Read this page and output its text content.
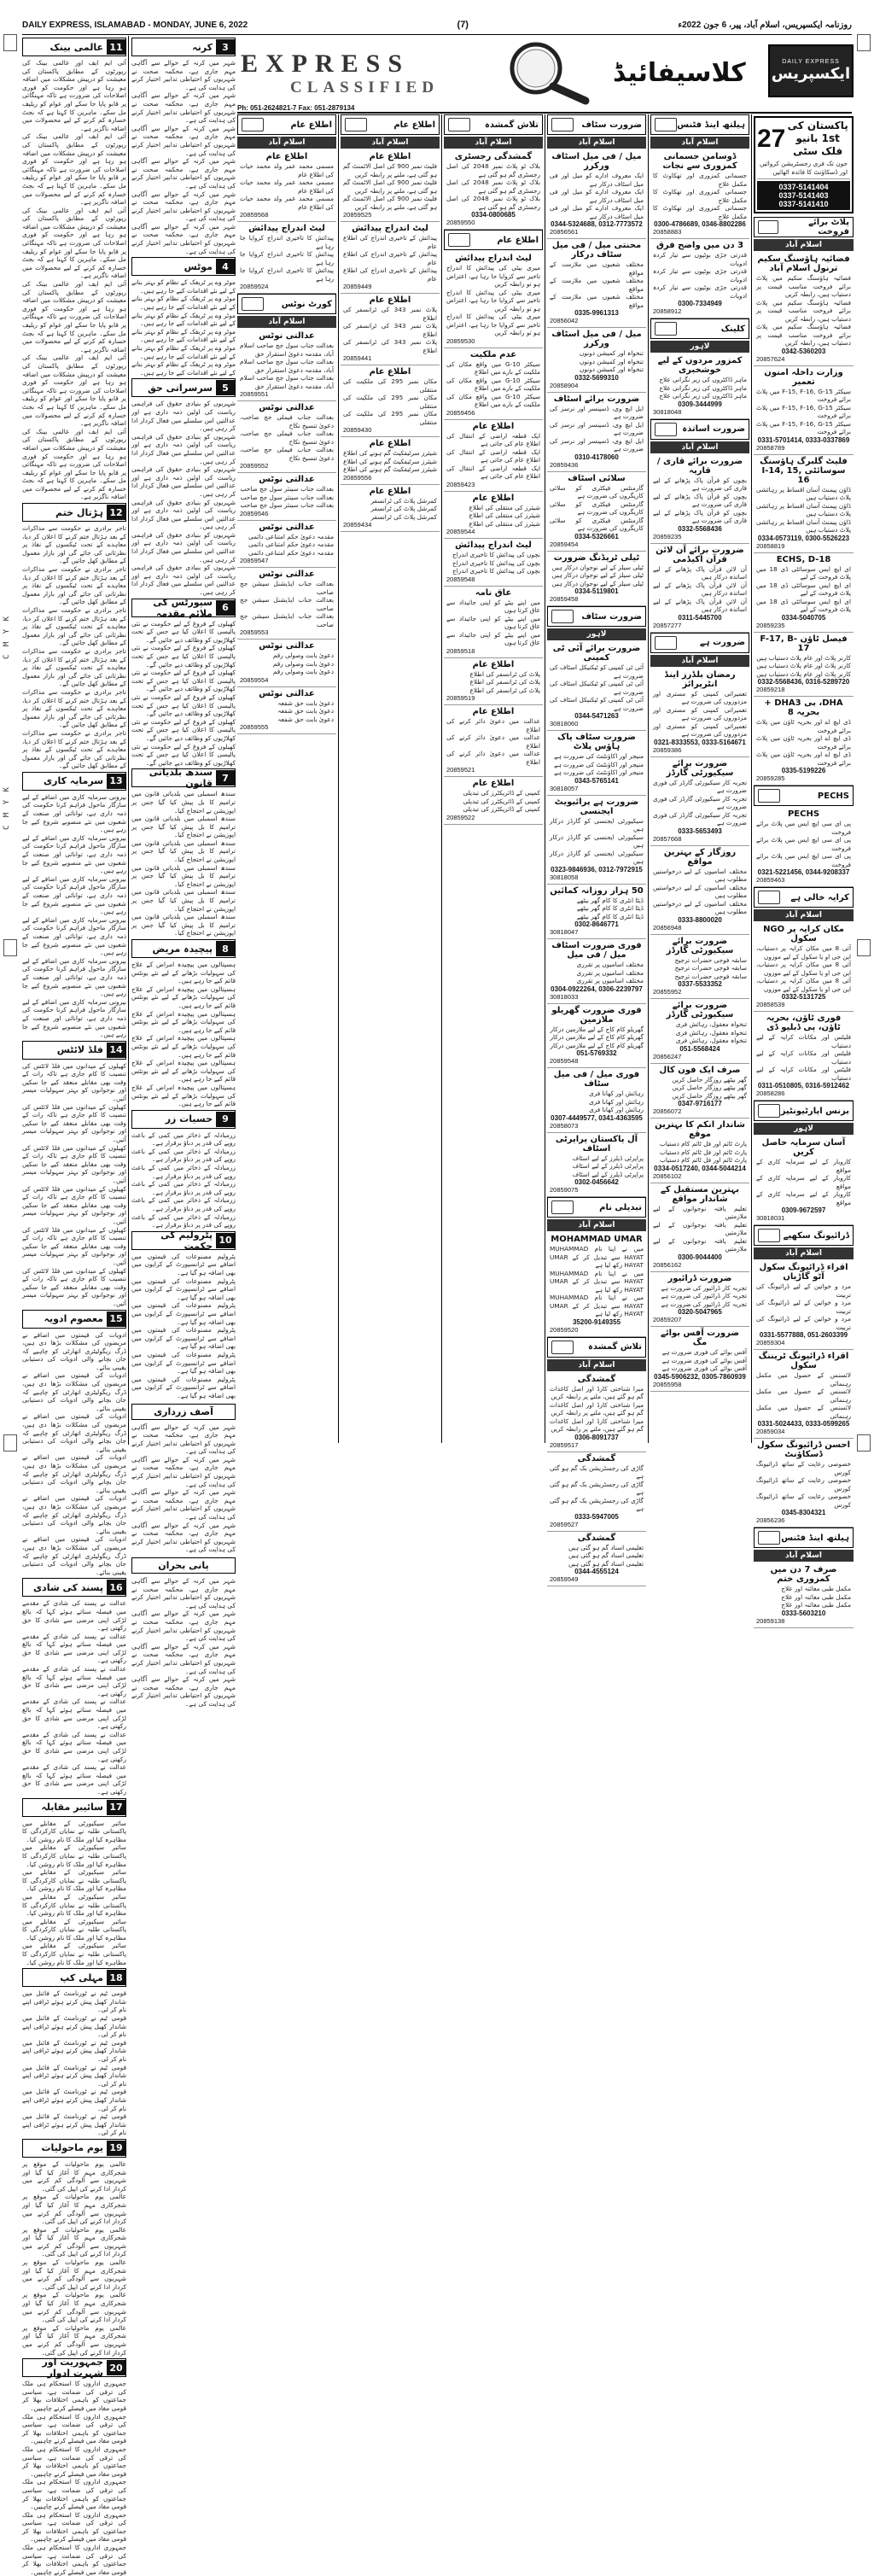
DAILY EXPRESS, ISLAMABAD - MONDAY, JUNE 6, 2022	(7)	روزنامہ ایکسپریس، اسلام آباد، پیر، 6 جون 2022ء
C M Y K
C M Y K
عالمی بینک 11
آئی ایم ایف اور عالمی بینک کی رپورٹوں کے مطابق پاکستان کی معیشت کو درپیش مشکلات میں اضافہ ہو رہا ہے اور حکومت کو فوری اصلاحات کی ضرورت ہے تاکہ مہنگائی پر قابو پایا جا سکے اور عوام کو ریلیف مل سکے۔ ماہرین کا کہنا ہے کہ بجٹ خسارہ کم کرنے کے لیے محصولات میں اضافہ ناگزیر ہے۔
آئی ایم ایف اور عالمی بینک کی رپورٹوں کے مطابق پاکستان کی معیشت کو درپیش مشکلات میں اضافہ ہو رہا ہے اور حکومت کو فوری اصلاحات کی ضرورت ہے تاکہ مہنگائی پر قابو پایا جا سکے اور عوام کو ریلیف مل سکے۔ ماہرین کا کہنا ہے کہ بجٹ خسارہ کم کرنے کے لیے محصولات میں اضافہ ناگزیر ہے۔
آئی ایم ایف اور عالمی بینک کی رپورٹوں کے مطابق پاکستان کی معیشت کو درپیش مشکلات میں اضافہ ہو رہا ہے اور حکومت کو فوری اصلاحات کی ضرورت ہے تاکہ مہنگائی پر قابو پایا جا سکے اور عوام کو ریلیف مل سکے۔ ماہرین کا کہنا ہے کہ بجٹ خسارہ کم کرنے کے لیے محصولات میں اضافہ ناگزیر ہے۔
آئی ایم ایف اور عالمی بینک کی رپورٹوں کے مطابق پاکستان کی معیشت کو درپیش مشکلات میں اضافہ ہو رہا ہے اور حکومت کو فوری اصلاحات کی ضرورت ہے تاکہ مہنگائی پر قابو پایا جا سکے اور عوام کو ریلیف مل سکے۔ ماہرین کا کہنا ہے کہ بجٹ خسارہ کم کرنے کے لیے محصولات میں اضافہ ناگزیر ہے۔
آئی ایم ایف اور عالمی بینک کی رپورٹوں کے مطابق پاکستان کی معیشت کو درپیش مشکلات میں اضافہ ہو رہا ہے اور حکومت کو فوری اصلاحات کی ضرورت ہے تاکہ مہنگائی پر قابو پایا جا سکے اور عوام کو ریلیف مل سکے۔ ماہرین کا کہنا ہے کہ بجٹ خسارہ کم کرنے کے لیے محصولات میں اضافہ ناگزیر ہے۔
آئی ایم ایف اور عالمی بینک کی رپورٹوں کے مطابق پاکستان کی معیشت کو درپیش مشکلات میں اضافہ ہو رہا ہے اور حکومت کو فوری اصلاحات کی ضرورت ہے تاکہ مہنگائی پر قابو پایا جا سکے اور عوام کو ریلیف مل سکے۔ ماہرین کا کہنا ہے کہ بجٹ خسارہ کم کرنے کے لیے محصولات میں اضافہ ناگزیر ہے۔
ہڑتال ختم 12
تاجر برادری نے حکومت سے مذاکرات کے بعد ہڑتال ختم کرنے کا اعلان کر دیا، معاہدے کے تحت ٹیکسوں کے نفاذ پر نظرثانی کی جائے گی اور بازار معمول کے مطابق کھل جائیں گے۔
تاجر برادری نے حکومت سے مذاکرات کے بعد ہڑتال ختم کرنے کا اعلان کر دیا، معاہدے کے تحت ٹیکسوں کے نفاذ پر نظرثانی کی جائے گی اور بازار معمول کے مطابق کھل جائیں گے۔
تاجر برادری نے حکومت سے مذاکرات کے بعد ہڑتال ختم کرنے کا اعلان کر دیا، معاہدے کے تحت ٹیکسوں کے نفاذ پر نظرثانی کی جائے گی اور بازار معمول کے مطابق کھل جائیں گے۔
تاجر برادری نے حکومت سے مذاکرات کے بعد ہڑتال ختم کرنے کا اعلان کر دیا، معاہدے کے تحت ٹیکسوں کے نفاذ پر نظرثانی کی جائے گی اور بازار معمول کے مطابق کھل جائیں گے۔
تاجر برادری نے حکومت سے مذاکرات کے بعد ہڑتال ختم کرنے کا اعلان کر دیا، معاہدے کے تحت ٹیکسوں کے نفاذ پر نظرثانی کی جائے گی اور بازار معمول کے مطابق کھل جائیں گے۔
تاجر برادری نے حکومت سے مذاکرات کے بعد ہڑتال ختم کرنے کا اعلان کر دیا، معاہدے کے تحت ٹیکسوں کے نفاذ پر نظرثانی کی جائے گی اور بازار معمول کے مطابق کھل جائیں گے۔
سرمایہ کاری 13
بیرونی سرمایہ کاری میں اضافے کے لیے سازگار ماحول فراہم کرنا حکومت کی ذمہ داری ہے، توانائی اور صنعت کے شعبوں میں نئے منصوبے شروع کیے جا رہے ہیں۔
بیرونی سرمایہ کاری میں اضافے کے لیے سازگار ماحول فراہم کرنا حکومت کی ذمہ داری ہے، توانائی اور صنعت کے شعبوں میں نئے منصوبے شروع کیے جا رہے ہیں۔
بیرونی سرمایہ کاری میں اضافے کے لیے سازگار ماحول فراہم کرنا حکومت کی ذمہ داری ہے، توانائی اور صنعت کے شعبوں میں نئے منصوبے شروع کیے جا رہے ہیں۔
بیرونی سرمایہ کاری میں اضافے کے لیے سازگار ماحول فراہم کرنا حکومت کی ذمہ داری ہے، توانائی اور صنعت کے شعبوں میں نئے منصوبے شروع کیے جا رہے ہیں۔
بیرونی سرمایہ کاری میں اضافے کے لیے سازگار ماحول فراہم کرنا حکومت کی ذمہ داری ہے، توانائی اور صنعت کے شعبوں میں نئے منصوبے شروع کیے جا رہے ہیں۔
بیرونی سرمایہ کاری میں اضافے کے لیے سازگار ماحول فراہم کرنا حکومت کی ذمہ داری ہے، توانائی اور صنعت کے شعبوں میں نئے منصوبے شروع کیے جا رہے ہیں۔
فلڈ لائٹس 14
کھیلوں کے میدانوں میں فلڈ لائٹس کی تنصیب کا کام جاری ہے تاکہ رات کے وقت بھی مقابلے منعقد کیے جا سکیں اور نوجوانوں کو بہتر سہولیات میسر آئیں۔
کھیلوں کے میدانوں میں فلڈ لائٹس کی تنصیب کا کام جاری ہے تاکہ رات کے وقت بھی مقابلے منعقد کیے جا سکیں اور نوجوانوں کو بہتر سہولیات میسر آئیں۔
کھیلوں کے میدانوں میں فلڈ لائٹس کی تنصیب کا کام جاری ہے تاکہ رات کے وقت بھی مقابلے منعقد کیے جا سکیں اور نوجوانوں کو بہتر سہولیات میسر آئیں۔
کھیلوں کے میدانوں میں فلڈ لائٹس کی تنصیب کا کام جاری ہے تاکہ رات کے وقت بھی مقابلے منعقد کیے جا سکیں اور نوجوانوں کو بہتر سہولیات میسر آئیں۔
کھیلوں کے میدانوں میں فلڈ لائٹس کی تنصیب کا کام جاری ہے تاکہ رات کے وقت بھی مقابلے منعقد کیے جا سکیں اور نوجوانوں کو بہتر سہولیات میسر آئیں۔
کھیلوں کے میدانوں میں فلڈ لائٹس کی تنصیب کا کام جاری ہے تاکہ رات کے وقت بھی مقابلے منعقد کیے جا سکیں اور نوجوانوں کو بہتر سہولیات میسر آئیں۔
معصوم ادویہ 15
ادویات کی قیمتوں میں اضافے نے مریضوں کی مشکلات بڑھا دی ہیں، ڈرگ ریگولیٹری اتھارٹی کو چاہیے کہ جان بچانے والی ادویات کی دستیابی یقینی بنائے۔
ادویات کی قیمتوں میں اضافے نے مریضوں کی مشکلات بڑھا دی ہیں، ڈرگ ریگولیٹری اتھارٹی کو چاہیے کہ جان بچانے والی ادویات کی دستیابی یقینی بنائے۔
ادویات کی قیمتوں میں اضافے نے مریضوں کی مشکلات بڑھا دی ہیں، ڈرگ ریگولیٹری اتھارٹی کو چاہیے کہ جان بچانے والی ادویات کی دستیابی یقینی بنائے۔
ادویات کی قیمتوں میں اضافے نے مریضوں کی مشکلات بڑھا دی ہیں، ڈرگ ریگولیٹری اتھارٹی کو چاہیے کہ جان بچانے والی ادویات کی دستیابی یقینی بنائے۔
ادویات کی قیمتوں میں اضافے نے مریضوں کی مشکلات بڑھا دی ہیں، ڈرگ ریگولیٹری اتھارٹی کو چاہیے کہ جان بچانے والی ادویات کی دستیابی یقینی بنائے۔
ادویات کی قیمتوں میں اضافے نے مریضوں کی مشکلات بڑھا دی ہیں، ڈرگ ریگولیٹری اتھارٹی کو چاہیے کہ جان بچانے والی ادویات کی دستیابی یقینی بنائے۔
پسند کی شادی 16
عدالت نے پسند کی شادی کے مقدمے میں فیصلہ سناتے ہوئے کہا کہ بالغ لڑکی اپنی مرضی سے شادی کا حق رکھتی ہے۔
عدالت نے پسند کی شادی کے مقدمے میں فیصلہ سناتے ہوئے کہا کہ بالغ لڑکی اپنی مرضی سے شادی کا حق رکھتی ہے۔
عدالت نے پسند کی شادی کے مقدمے میں فیصلہ سناتے ہوئے کہا کہ بالغ لڑکی اپنی مرضی سے شادی کا حق رکھتی ہے۔
عدالت نے پسند کی شادی کے مقدمے میں فیصلہ سناتے ہوئے کہا کہ بالغ لڑکی اپنی مرضی سے شادی کا حق رکھتی ہے۔
عدالت نے پسند کی شادی کے مقدمے میں فیصلہ سناتے ہوئے کہا کہ بالغ لڑکی اپنی مرضی سے شادی کا حق رکھتی ہے۔
عدالت نے پسند کی شادی کے مقدمے میں فیصلہ سناتے ہوئے کہا کہ بالغ لڑکی اپنی مرضی سے شادی کا حق رکھتی ہے۔
سائیبر مقابلہ 17
سائبر سیکیورٹی کے مقابلے میں پاکستانی طلبہ نے نمایاں کارکردگی کا مظاہرہ کیا اور ملک کا نام روشن کیا۔
سائبر سیکیورٹی کے مقابلے میں پاکستانی طلبہ نے نمایاں کارکردگی کا مظاہرہ کیا اور ملک کا نام روشن کیا۔
سائبر سیکیورٹی کے مقابلے میں پاکستانی طلبہ نے نمایاں کارکردگی کا مظاہرہ کیا اور ملک کا نام روشن کیا۔
سائبر سیکیورٹی کے مقابلے میں پاکستانی طلبہ نے نمایاں کارکردگی کا مظاہرہ کیا اور ملک کا نام روشن کیا۔
سائبر سیکیورٹی کے مقابلے میں پاکستانی طلبہ نے نمایاں کارکردگی کا مظاہرہ کیا اور ملک کا نام روشن کیا۔
سائبر سیکیورٹی کے مقابلے میں پاکستانی طلبہ نے نمایاں کارکردگی کا مظاہرہ کیا اور ملک کا نام روشن کیا۔
مہلی کپ 18
قومی ٹیم نے ٹورنامنٹ کے فائنل میں شاندار کھیل پیش کرتے ہوئے ٹرافی اپنے نام کر لی۔
قومی ٹیم نے ٹورنامنٹ کے فائنل میں شاندار کھیل پیش کرتے ہوئے ٹرافی اپنے نام کر لی۔
قومی ٹیم نے ٹورنامنٹ کے فائنل میں شاندار کھیل پیش کرتے ہوئے ٹرافی اپنے نام کر لی۔
قومی ٹیم نے ٹورنامنٹ کے فائنل میں شاندار کھیل پیش کرتے ہوئے ٹرافی اپنے نام کر لی۔
قومی ٹیم نے ٹورنامنٹ کے فائنل میں شاندار کھیل پیش کرتے ہوئے ٹرافی اپنے نام کر لی۔
قومی ٹیم نے ٹورنامنٹ کے فائنل میں شاندار کھیل پیش کرتے ہوئے ٹرافی اپنے نام کر لی۔
یوم ماحولیات 19
عالمی یوم ماحولیات کے موقع پر شجرکاری مہم کا آغاز کیا گیا اور شہریوں سے آلودگی کم کرنے میں کردار ادا کرنے کی اپیل کی گئی۔
عالمی یوم ماحولیات کے موقع پر شجرکاری مہم کا آغاز کیا گیا اور شہریوں سے آلودگی کم کرنے میں کردار ادا کرنے کی اپیل کی گئی۔
عالمی یوم ماحولیات کے موقع پر شجرکاری مہم کا آغاز کیا گیا اور شہریوں سے آلودگی کم کرنے میں کردار ادا کرنے کی اپیل کی گئی۔
عالمی یوم ماحولیات کے موقع پر شجرکاری مہم کا آغاز کیا گیا اور شہریوں سے آلودگی کم کرنے میں کردار ادا کرنے کی اپیل کی گئی۔
عالمی یوم ماحولیات کے موقع پر شجرکاری مہم کا آغاز کیا گیا اور شہریوں سے آلودگی کم کرنے میں کردار ادا کرنے کی اپیل کی گئی۔
عالمی یوم ماحولیات کے موقع پر شجرکاری مہم کا آغاز کیا گیا اور شہریوں سے آلودگی کم کرنے میں کردار ادا کرنے کی اپیل کی گئی۔
جمہوریت اور شہرت ادوار 20
جمہوری اداروں کا استحکام ہی ملک کی ترقی کی ضمانت ہے، سیاسی جماعتوں کو باہمی اختلافات بھلا کر قومی مفاد میں فیصلے کرنے چاہییں۔
جمہوری اداروں کا استحکام ہی ملک کی ترقی کی ضمانت ہے، سیاسی جماعتوں کو باہمی اختلافات بھلا کر قومی مفاد میں فیصلے کرنے چاہییں۔
جمہوری اداروں کا استحکام ہی ملک کی ترقی کی ضمانت ہے، سیاسی جماعتوں کو باہمی اختلافات بھلا کر قومی مفاد میں فیصلے کرنے چاہییں۔
جمہوری اداروں کا استحکام ہی ملک کی ترقی کی ضمانت ہے، سیاسی جماعتوں کو باہمی اختلافات بھلا کر قومی مفاد میں فیصلے کرنے چاہییں۔
جمہوری اداروں کا استحکام ہی ملک کی ترقی کی ضمانت ہے، سیاسی جماعتوں کو باہمی اختلافات بھلا کر قومی مفاد میں فیصلے کرنے چاہییں۔
جمہوری اداروں کا استحکام ہی ملک کی ترقی کی ضمانت ہے، سیاسی جماعتوں کو باہمی اختلافات بھلا کر قومی مفاد میں فیصلے کرنے چاہییں۔
کرنہ	3
شہر میں کرنہ کے حوالے سے آگاہی مہم جاری ہے، محکمہ صحت نے شہریوں کو احتیاطی تدابیر اختیار کرنے کی ہدایت کی ہے۔
شہر میں کرنہ کے حوالے سے آگاہی مہم جاری ہے، محکمہ صحت نے شہریوں کو احتیاطی تدابیر اختیار کرنے کی ہدایت کی ہے۔
شہر میں کرنہ کے حوالے سے آگاہی مہم جاری ہے، محکمہ صحت نے شہریوں کو احتیاطی تدابیر اختیار کرنے کی ہدایت کی ہے۔
شہر میں کرنہ کے حوالے سے آگاہی مہم جاری ہے، محکمہ صحت نے شہریوں کو احتیاطی تدابیر اختیار کرنے کی ہدایت کی ہے۔
شہر میں کرنہ کے حوالے سے آگاہی مہم جاری ہے، محکمہ صحت نے شہریوں کو احتیاطی تدابیر اختیار کرنے کی ہدایت کی ہے۔
شہر میں کرنہ کے حوالے سے آگاہی مہم جاری ہے، محکمہ صحت نے شہریوں کو احتیاطی تدابیر اختیار کرنے کی ہدایت کی ہے۔
موٹس	4
موٹر وے پر ٹریفک کے نظام کو بہتر بنانے کے لیے نئے اقدامات کیے جا رہے ہیں۔
موٹر وے پر ٹریفک کے نظام کو بہتر بنانے کے لیے نئے اقدامات کیے جا رہے ہیں۔
موٹر وے پر ٹریفک کے نظام کو بہتر بنانے کے لیے نئے اقدامات کیے جا رہے ہیں۔
موٹر وے پر ٹریفک کے نظام کو بہتر بنانے کے لیے نئے اقدامات کیے جا رہے ہیں۔
موٹر وے پر ٹریفک کے نظام کو بہتر بنانے کے لیے نئے اقدامات کیے جا رہے ہیں۔
موٹر وے پر ٹریفک کے نظام کو بہتر بنانے کے لیے نئے اقدامات کیے جا رہے ہیں۔
سرسراتی حق	5
شہریوں کو بنیادی حقوق کی فراہمی ریاست کی اولین ذمہ داری ہے اور عدالتیں اس سلسلے میں فعال کردار ادا کر رہی ہیں۔
شہریوں کو بنیادی حقوق کی فراہمی ریاست کی اولین ذمہ داری ہے اور عدالتیں اس سلسلے میں فعال کردار ادا کر رہی ہیں۔
شہریوں کو بنیادی حقوق کی فراہمی ریاست کی اولین ذمہ داری ہے اور عدالتیں اس سلسلے میں فعال کردار ادا کر رہی ہیں۔
شہریوں کو بنیادی حقوق کی فراہمی ریاست کی اولین ذمہ داری ہے اور عدالتیں اس سلسلے میں فعال کردار ادا کر رہی ہیں۔
شہریوں کو بنیادی حقوق کی فراہمی ریاست کی اولین ذمہ داری ہے اور عدالتیں اس سلسلے میں فعال کردار ادا کر رہی ہیں۔
شہریوں کو بنیادی حقوق کی فراہمی ریاست کی اولین ذمہ داری ہے اور عدالتیں اس سلسلے میں فعال کردار ادا کر رہی ہیں۔
سپورٹس کی ملائم مقدمہ	6
کھیلوں کے فروغ کے لیے حکومت نے نئی پالیسی کا اعلان کیا ہے جس کے تحت کھلاڑیوں کو وظائف دیے جائیں گے۔
کھیلوں کے فروغ کے لیے حکومت نے نئی پالیسی کا اعلان کیا ہے جس کے تحت کھلاڑیوں کو وظائف دیے جائیں گے۔
کھیلوں کے فروغ کے لیے حکومت نے نئی پالیسی کا اعلان کیا ہے جس کے تحت کھلاڑیوں کو وظائف دیے جائیں گے۔
کھیلوں کے فروغ کے لیے حکومت نے نئی پالیسی کا اعلان کیا ہے جس کے تحت کھلاڑیوں کو وظائف دیے جائیں گے۔
کھیلوں کے فروغ کے لیے حکومت نے نئی پالیسی کا اعلان کیا ہے جس کے تحت کھلاڑیوں کو وظائف دیے جائیں گے۔
کھیلوں کے فروغ کے لیے حکومت نے نئی پالیسی کا اعلان کیا ہے جس کے تحت کھلاڑیوں کو وظائف دیے جائیں گے۔
سندھ بلدیاتی قانون	7
سندھ اسمبلی میں بلدیاتی قانون میں ترامیم کا بل پیش کیا گیا جس پر اپوزیشن نے احتجاج کیا۔
سندھ اسمبلی میں بلدیاتی قانون میں ترامیم کا بل پیش کیا گیا جس پر اپوزیشن نے احتجاج کیا۔
سندھ اسمبلی میں بلدیاتی قانون میں ترامیم کا بل پیش کیا گیا جس پر اپوزیشن نے احتجاج کیا۔
سندھ اسمبلی میں بلدیاتی قانون میں ترامیم کا بل پیش کیا گیا جس پر اپوزیشن نے احتجاج کیا۔
سندھ اسمبلی میں بلدیاتی قانون میں ترامیم کا بل پیش کیا گیا جس پر اپوزیشن نے احتجاج کیا۔
سندھ اسمبلی میں بلدیاتی قانون میں ترامیم کا بل پیش کیا گیا جس پر اپوزیشن نے احتجاج کیا۔
پیچیدہ مریض	8
ہسپتالوں میں پیچیدہ امراض کے علاج کی سہولیات بڑھانے کے لیے نئے یونٹس قائم کیے جا رہے ہیں۔
ہسپتالوں میں پیچیدہ امراض کے علاج کی سہولیات بڑھانے کے لیے نئے یونٹس قائم کیے جا رہے ہیں۔
ہسپتالوں میں پیچیدہ امراض کے علاج کی سہولیات بڑھانے کے لیے نئے یونٹس قائم کیے جا رہے ہیں۔
ہسپتالوں میں پیچیدہ امراض کے علاج کی سہولیات بڑھانے کے لیے نئے یونٹس قائم کیے جا رہے ہیں۔
ہسپتالوں میں پیچیدہ امراض کے علاج کی سہولیات بڑھانے کے لیے نئے یونٹس قائم کیے جا رہے ہیں۔
ہسپتالوں میں پیچیدہ امراض کے علاج کی سہولیات بڑھانے کے لیے نئے یونٹس قائم کیے جا رہے ہیں۔
حسیات زر	9
زرمبادلہ کے ذخائر میں کمی کے باعث روپے کی قدر پر دباؤ برقرار ہے۔
زرمبادلہ کے ذخائر میں کمی کے باعث روپے کی قدر پر دباؤ برقرار ہے۔
زرمبادلہ کے ذخائر میں کمی کے باعث روپے کی قدر پر دباؤ برقرار ہے۔
زرمبادلہ کے ذخائر میں کمی کے باعث روپے کی قدر پر دباؤ برقرار ہے۔
زرمبادلہ کے ذخائر میں کمی کے باعث روپے کی قدر پر دباؤ برقرار ہے۔
زرمبادلہ کے ذخائر میں کمی کے باعث روپے کی قدر پر دباؤ برقرار ہے۔
پٹرولیم کی حکمت 10
پٹرولیم مصنوعات کی قیمتوں میں اضافے سے ٹرانسپورٹ کے کرایوں میں بھی اضافہ ہو گیا ہے۔
پٹرولیم مصنوعات کی قیمتوں میں اضافے سے ٹرانسپورٹ کے کرایوں میں بھی اضافہ ہو گیا ہے۔
پٹرولیم مصنوعات کی قیمتوں میں اضافے سے ٹرانسپورٹ کے کرایوں میں بھی اضافہ ہو گیا ہے۔
پٹرولیم مصنوعات کی قیمتوں میں اضافے سے ٹرانسپورٹ کے کرایوں میں بھی اضافہ ہو گیا ہے۔
پٹرولیم مصنوعات کی قیمتوں میں اضافے سے ٹرانسپورٹ کے کرایوں میں بھی اضافہ ہو گیا ہے۔
پٹرولیم مصنوعات کی قیمتوں میں اضافے سے ٹرانسپورٹ کے کرایوں میں بھی اضافہ ہو گیا ہے۔
آصف زرداری
شہر میں کرنہ کے حوالے سے آگاہی مہم جاری ہے، محکمہ صحت نے شہریوں کو احتیاطی تدابیر اختیار کرنے کی ہدایت کی ہے۔
شہر میں کرنہ کے حوالے سے آگاہی مہم جاری ہے، محکمہ صحت نے شہریوں کو احتیاطی تدابیر اختیار کرنے کی ہدایت کی ہے۔
شہر میں کرنہ کے حوالے سے آگاہی مہم جاری ہے، محکمہ صحت نے شہریوں کو احتیاطی تدابیر اختیار کرنے کی ہدایت کی ہے۔
شہر میں کرنہ کے حوالے سے آگاہی مہم جاری ہے، محکمہ صحت نے شہریوں کو احتیاطی تدابیر اختیار کرنے کی ہدایت کی ہے۔
پانی بحران
شہر میں کرنہ کے حوالے سے آگاہی مہم جاری ہے، محکمہ صحت نے شہریوں کو احتیاطی تدابیر اختیار کرنے کی ہدایت کی ہے۔
شہر میں کرنہ کے حوالے سے آگاہی مہم جاری ہے، محکمہ صحت نے شہریوں کو احتیاطی تدابیر اختیار کرنے کی ہدایت کی ہے۔
شہر میں کرنہ کے حوالے سے آگاہی مہم جاری ہے، محکمہ صحت نے شہریوں کو احتیاطی تدابیر اختیار کرنے کی ہدایت کی ہے۔
شہر میں کرنہ کے حوالے سے آگاہی مہم جاری ہے، محکمہ صحت نے شہریوں کو احتیاطی تدابیر اختیار کرنے کی ہدایت کی ہے۔
EXPRESS
CLASSIFIED
Ph: 051-2624821-7 Fax: 051-2879134
کلاسیفائیڈ	DAILY EXPRESS
ایکسپریس
اطلاع عام
اسلام آباد
اطلاع عام
مسمی محمد عمر ولد محمد حیات کی اطلاع عام
مسمی محمد عمر ولد محمد حیات کی اطلاع عام
مسمی محمد عمر ولد محمد حیات کی اطلاع عام
20859568
لیٹ اندراج پیدائش
پیدائش کا تاخیری اندراج کروایا جا رہا ہے
پیدائش کا تاخیری اندراج کروایا جا رہا ہے
پیدائش کا تاخیری اندراج کروایا جا رہا ہے
20859524
کورٹ نوٹس
اسلام آباد
عدالتی نوٹس
بعدالت جناب سول جج صاحب اسلام آباد، مقدمہ دعویٰ استقرار حق
بعدالت جناب سول جج صاحب اسلام آباد، مقدمہ دعویٰ استقرار حق
بعدالت جناب سول جج صاحب اسلام آباد، مقدمہ دعویٰ استقرار حق
20859551
عدالتی نوٹس
بعدالت جناب فیملی جج صاحب، دعویٰ تنسیخ نکاح
بعدالت جناب فیملی جج صاحب، دعویٰ تنسیخ نکاح
بعدالت جناب فیملی جج صاحب، دعویٰ تنسیخ نکاح
20859552
عدالتی نوٹس
بعدالت جناب سینئر سول جج صاحب
بعدالت جناب سینئر سول جج صاحب
بعدالت جناب سینئر سول جج صاحب
20859546
عدالتی نوٹس
مقدمہ دعویٰ حکم امتناعی دائمی
مقدمہ دعویٰ حکم امتناعی دائمی
مقدمہ دعویٰ حکم امتناعی دائمی
20859547
عدالتی نوٹس
بعدالت جناب ایڈیشنل سیشن جج صاحب
بعدالت جناب ایڈیشنل سیشن جج صاحب
بعدالت جناب ایڈیشنل سیشن جج صاحب
20859553
عدالتی نوٹس
دعویٰ بابت وصولی رقم
دعویٰ بابت وصولی رقم
دعویٰ بابت وصولی رقم
20859554
عدالتی نوٹس
دعویٰ بابت حق شفعہ
دعویٰ بابت حق شفعہ
دعویٰ بابت حق شفعہ
20859555
اطلاع عام
اسلام آباد
اطلاع عام
فلیٹ نمبر 900 کی اصل الاٹمنٹ گم ہو گئی ہے، ملنے پر رابطہ کریں
فلیٹ نمبر 900 کی اصل الاٹمنٹ گم ہو گئی ہے، ملنے پر رابطہ کریں
فلیٹ نمبر 900 کی اصل الاٹمنٹ گم ہو گئی ہے، ملنے پر رابطہ کریں
20859525
لیٹ اندراج پیدائش
پیدائش کے تاخیری اندراج کی اطلاع عام
پیدائش کے تاخیری اندراج کی اطلاع عام
پیدائش کے تاخیری اندراج کی اطلاع عام
20859449
اطلاع عام
پلاٹ نمبر 343 کی ٹرانسفر کی اطلاع
پلاٹ نمبر 343 کی ٹرانسفر کی اطلاع
پلاٹ نمبر 343 کی ٹرانسفر کی اطلاع
20859441
اطلاع عام
مکان نمبر 295 کی ملکیت کی منتقلی
مکان نمبر 295 کی ملکیت کی منتقلی
مکان نمبر 295 کی ملکیت کی منتقلی
20859430
اطلاع عام
شیئرز سرٹیفکیٹ گم ہونے کی اطلاع
شیئرز سرٹیفکیٹ گم ہونے کی اطلاع
شیئرز سرٹیفکیٹ گم ہونے کی اطلاع
20859556
اطلاع عام
کمرشل پلاٹ کی ٹرانسفر
کمرشل پلاٹ کی ٹرانسفر
کمرشل پلاٹ کی ٹرانسفر
20859434
تلاش گمشدہ
اسلام آباد
گمشدگی رجسٹری
بلاک ٹو پلاٹ نمبر 2048 کی اصل رجسٹری گم ہو گئی ہے
بلاک ٹو پلاٹ نمبر 2048 کی اصل رجسٹری گم ہو گئی ہے
بلاک ٹو پلاٹ نمبر 2048 کی اصل رجسٹری گم ہو گئی ہے
0334-0800685
20859550
اطلاع عام
لیٹ اندراج پیدائش
میری بیٹی کی پیدائش کا اندراج تاخیر سے کروایا جا رہا ہے، اعتراض ہو تو رابطہ کریں
میری بیٹی کی پیدائش کا اندراج تاخیر سے کروایا جا رہا ہے، اعتراض ہو تو رابطہ کریں
میری بیٹی کی پیدائش کا اندراج تاخیر سے کروایا جا رہا ہے، اعتراض ہو تو رابطہ کریں
20859530
عدم ملکیت
سیکٹر G-10 میں واقع مکان کی ملکیت کے بارے میں اطلاع
سیکٹر G-10 میں واقع مکان کی ملکیت کے بارے میں اطلاع
سیکٹر G-10 میں واقع مکان کی ملکیت کے بارے میں اطلاع
20859456
اطلاع عام
ایک قطعہ اراضی کے انتقال کی اطلاع عام کی جاتی ہے
ایک قطعہ اراضی کے انتقال کی اطلاع عام کی جاتی ہے
ایک قطعہ اراضی کے انتقال کی اطلاع عام کی جاتی ہے
20859423
اطلاع عام
شیئرز کی منتقلی کی اطلاع
شیئرز کی منتقلی کی اطلاع
شیئرز کی منتقلی کی اطلاع
20859544
لیٹ اندراج پیدائش
بچوں کی پیدائش کا تاخیری اندراج
بچوں کی پیدائش کا تاخیری اندراج
بچوں کی پیدائش کا تاخیری اندراج
20859548
عاق نامہ
میں اپنے بیٹے کو اپنی جائیداد سے عاق کرتا ہوں
میں اپنے بیٹے کو اپنی جائیداد سے عاق کرتا ہوں
میں اپنے بیٹے کو اپنی جائیداد سے عاق کرتا ہوں
20859518
اطلاع عام
پلاٹ کی ٹرانسفر کی اطلاع
پلاٹ کی ٹرانسفر کی اطلاع
پلاٹ کی ٹرانسفر کی اطلاع
20859519
اطلاع عام
عدالت میں دعویٰ دائر کرنے کی اطلاع
عدالت میں دعویٰ دائر کرنے کی اطلاع
عدالت میں دعویٰ دائر کرنے کی اطلاع
20859521
اطلاع عام
کمپنی کے ڈائریکٹرز کی تبدیلی
کمپنی کے ڈائریکٹرز کی تبدیلی
کمپنی کے ڈائریکٹرز کی تبدیلی
20859522
ضرورت سٹاف
اسلام آباد
میل / فی میل اسٹاف ورکرز
ایک معروف ادارے کو میل اور فی میل اسٹاف درکار ہے
ایک معروف ادارے کو میل اور فی میل اسٹاف درکار ہے
ایک معروف ادارے کو میل اور فی میل اسٹاف درکار ہے
0344-5324688, 0312-7773572
20856561
محنتی میل / فی میل سٹاف درکار
مختلف شعبوں میں ملازمت کے مواقع
مختلف شعبوں میں ملازمت کے مواقع
مختلف شعبوں میں ملازمت کے مواقع
0335-9961313
20856042
میل / فی میل اسٹاف ورکرز
تنخواہ اور کمیشن دونوں
تنخواہ اور کمیشن دونوں
تنخواہ اور کمیشن دونوں
0332-5699310
20858904
ضرورت برائے اسٹاف
ایل ایچ وی، ڈسپنسر اور نرسز کی ضرورت ہے
ایل ایچ وی، ڈسپنسر اور نرسز کی ضرورت ہے
ایل ایچ وی، ڈسپنسر اور نرسز کی ضرورت ہے
0310-4178060
20859436
سلائی اسٹاف
گارمنٹس فیکٹری کو سلائی کاریگروں کی ضرورت ہے
گارمنٹس فیکٹری کو سلائی کاریگروں کی ضرورت ہے
گارمنٹس فیکٹری کو سلائی کاریگروں کی ضرورت ہے
0334-5326661
20859454
ٹیلی ٹریڈنگ ضرورت
ٹیلی سیلز کے لیے نوجوان درکار ہیں
ٹیلی سیلز کے لیے نوجوان درکار ہیں
ٹیلی سیلز کے لیے نوجوان درکار ہیں
0334-5119801
20859458
ضرورت سٹاف
لاہور
ضرورت برائے آئی ٹی کمپنی
آئی ٹی کمپنی کو ٹیکنیکل اسٹاف کی ضرورت ہے
آئی ٹی کمپنی کو ٹیکنیکل اسٹاف کی ضرورت ہے
آئی ٹی کمپنی کو ٹیکنیکل اسٹاف کی ضرورت ہے
0344-5471263
30818060
ضرورت سٹاف پاک ہاؤس پلاٹ
منیجر اور اکاؤنٹنٹ کی ضرورت ہے
منیجر اور اکاؤنٹنٹ کی ضرورت ہے
منیجر اور اکاؤنٹنٹ کی ضرورت ہے
0343-5765141
30818057
ضرورت ہے پرائیویٹ ایجنسی
سیکیورٹی ایجنسی کو گارڈز درکار ہیں
سیکیورٹی ایجنسی کو گارڈز درکار ہیں
سیکیورٹی ایجنسی کو گارڈز درکار ہیں
0323-9846936, 0312-7972915
30818058
50 ہزار روزانہ کمائیں
ڈیٹا انٹری کا کام گھر بیٹھے
ڈیٹا انٹری کا کام گھر بیٹھے
ڈیٹا انٹری کا کام گھر بیٹھے
0302-8646771
30818047
فوری ضرورت اسٹاف میل / فی میل
مختلف اسامیوں پر تقرری
مختلف اسامیوں پر تقرری
مختلف اسامیوں پر تقرری
0304-0922264, 0306-2239797
30818033
فوری ضرورت گھریلو ملازمین
گھریلو کام کاج کے لیے ملازمین درکار
گھریلو کام کاج کے لیے ملازمین درکار
گھریلو کام کاج کے لیے ملازمین درکار
051-5769332
20859548
فوری میل / فی میل سٹاف
رہائش اور کھانا فری
رہائش اور کھانا فری
رہائش اور کھانا فری
0307-4449577, 0341-4363595
20858073
آل پاکستان پراپرٹی اسٹاف
پراپرٹی ڈیلرز کے لیے اسٹاف
پراپرٹی ڈیلرز کے لیے اسٹاف
پراپرٹی ڈیلرز کے لیے اسٹاف
0302-0456642
20859075
تبدیلی نام
اسلام آباد
MOHAMMAD UMAR
میں نے اپنا نام MUHAMMAD HAYAT سے تبدیل کر کے UMAR HAYAT رکھ لیا ہے
میں نے اپنا نام MUHAMMAD HAYAT سے تبدیل کر کے UMAR HAYAT رکھ لیا ہے
میں نے اپنا نام MUHAMMAD HAYAT سے تبدیل کر کے UMAR HAYAT رکھ لیا ہے
35200-9149355
20859520
تلاش گمشدہ
اسلام آباد
گمشدگی
میرا شناختی کارڈ اور اصل کاغذات گم ہو گئے ہیں، ملنے پر رابطہ کریں
میرا شناختی کارڈ اور اصل کاغذات گم ہو گئے ہیں، ملنے پر رابطہ کریں
میرا شناختی کارڈ اور اصل کاغذات گم ہو گئے ہیں، ملنے پر رابطہ کریں
0306-8091737
20859517
گمشدگی
گاڑی کی رجسٹریشن بک گم ہو گئی ہے
گاڑی کی رجسٹریشن بک گم ہو گئی ہے
گاڑی کی رجسٹریشن بک گم ہو گئی ہے
0333-5947005
20859527
گمشدگی
تعلیمی اسناد گم ہو گئی ہیں
تعلیمی اسناد گم ہو گئی ہیں
تعلیمی اسناد گم ہو گئی ہیں
0344-4555124
20859549
ہیلتھ اینڈ فٹنس
اسلام آباد
ڈوسامن جسمانی کمزوری سے نجات
جسمانی کمزوری اور تھکاوٹ کا مکمل علاج
جسمانی کمزوری اور تھکاوٹ کا مکمل علاج
جسمانی کمزوری اور تھکاوٹ کا مکمل علاج
0300-4786689, 0346-8802286
20858883
3 دن میں واضح فرق
قدرتی جڑی بوٹیوں سے تیار کردہ ادویات
قدرتی جڑی بوٹیوں سے تیار کردہ ادویات
قدرتی جڑی بوٹیوں سے تیار کردہ ادویات
0300-7334949
20858912
کلینک
لاہور
کمزور مردوں کے لیے خوشخبری
ماہر ڈاکٹروں کی زیر نگرانی علاج
ماہر ڈاکٹروں کی زیر نگرانی علاج
ماہر ڈاکٹروں کی زیر نگرانی علاج
0309-3444999
30818048
ضرورت اساتذہ
اسلام آباد
ضرورت برائے قاری / قاریہ
بچوں کو قرآن پاک پڑھانے کے لیے قاری کی ضرورت ہے
بچوں کو قرآن پاک پڑھانے کے لیے قاری کی ضرورت ہے
بچوں کو قرآن پاک پڑھانے کے لیے قاری کی ضرورت ہے
0332-5568436
20859235
ضرورت برائے آن لائن قرآن اکیڈمی
آن لائن قرآن پاک پڑھانے کے لیے اساتذہ درکار ہیں
آن لائن قرآن پاک پڑھانے کے لیے اساتذہ درکار ہیں
آن لائن قرآن پاک پڑھانے کے لیے اساتذہ درکار ہیں
0311-5445700
20857277
ضرورت ہے
اسلام آباد
رمضان بلڈرز اینڈ انٹرپرائز
تعمیراتی کمپنی کو مستری اور مزدوروں کی ضرورت ہے
تعمیراتی کمپنی کو مستری اور مزدوروں کی ضرورت ہے
تعمیراتی کمپنی کو مستری اور مزدوروں کی ضرورت ہے
0321-8333553, 0333-5164671
20859386
ضرورت برائے سیکیورٹی گارڈز
تجربہ کار سیکیورٹی گارڈز کی فوری ضرورت ہے
تجربہ کار سیکیورٹی گارڈز کی فوری ضرورت ہے
تجربہ کار سیکیورٹی گارڈز کی فوری ضرورت ہے
0333-5653493
20857668
روزگار کے بہترین مواقع
مختلف اسامیوں کے لیے درخواستیں مطلوب ہیں
مختلف اسامیوں کے لیے درخواستیں مطلوب ہیں
مختلف اسامیوں کے لیے درخواستیں مطلوب ہیں
0333-8800020
20856948
ضرورت برائے سیکیورٹی گارڈز
سابقہ فوجی حضرات ترجیح
سابقہ فوجی حضرات ترجیح
سابقہ فوجی حضرات ترجیح
0337-5533352
20855952
ضرورت برائے سیکیورٹی گارڈز
تنخواہ معقول، رہائش فری
تنخواہ معقول، رہائش فری
تنخواہ معقول، رہائش فری
051-5568424
20856247
صرف ایک فون کال
گھر بیٹھے روزگار حاصل کریں
گھر بیٹھے روزگار حاصل کریں
گھر بیٹھے روزگار حاصل کریں
0347-9716177
20856072
شاندار انکم کا بہترین موقع
پارٹ ٹائم اور فل ٹائم کام دستیاب
پارٹ ٹائم اور فل ٹائم کام دستیاب
پارٹ ٹائم اور فل ٹائم کام دستیاب
0334-0517240, 0344-5044214
20856102
بہترین مستقبل کے شاندار مواقع
تعلیم یافتہ نوجوانوں کے لیے ملازمتیں
تعلیم یافتہ نوجوانوں کے لیے ملازمتیں
تعلیم یافتہ نوجوانوں کے لیے ملازمتیں
0300-9044400
20856162
ضرورت ڈرائیور
تجربہ کار ڈرائیور کی ضرورت ہے
تجربہ کار ڈرائیور کی ضرورت ہے
تجربہ کار ڈرائیور کی ضرورت ہے
0320-5047965
20859207
ضرورت آفس بوائے مگ
آفس بوائے کی فوری ضرورت ہے
آفس بوائے کی فوری ضرورت ہے
آفس بوائے کی فوری ضرورت ہے
0345-5906232, 0305-7860939
20855958
27 پاکستان کی 1st بانیو فلک سٹی
جون تک فری رجسٹریشن کروائیں اور ڈسکاؤنٹ کا فائدہ اٹھائیں
0337-5141404
0337-5141403
0337-5141410
پلاٹ برائے فروخت
اسلام آباد
فضائیہ ہاؤسنگ سکیم ترنول اسلام آباد
فضائیہ ہاؤسنگ سکیم میں پلاٹ برائے فروخت مناسب قیمت پر دستیاب ہیں، رابطہ کریں
فضائیہ ہاؤسنگ سکیم میں پلاٹ برائے فروخت مناسب قیمت پر دستیاب ہیں، رابطہ کریں
فضائیہ ہاؤسنگ سکیم میں پلاٹ برائے فروخت مناسب قیمت پر دستیاب ہیں، رابطہ کریں
0342-5360203
20857624
وزارت داخلہ امنون تعمیر
سیکٹر F-15, F-16, G-15 میں پلاٹ برائے فروخت
سیکٹر F-15, F-16, G-15 میں پلاٹ برائے فروخت
سیکٹر F-15, F-16, G-15 میں پلاٹ برائے فروخت
0331-5701414, 0333-0337869
20858789
فلیٹ گلبرگ ہاؤسنگ سوسائٹی I-14, 15, 16
ڈاؤن پیمنٹ آسان اقساط پر رہائشی پلاٹ دستیاب ہیں
ڈاؤن پیمنٹ آسان اقساط پر رہائشی پلاٹ دستیاب ہیں
ڈاؤن پیمنٹ آسان اقساط پر رہائشی پلاٹ دستیاب ہیں
0334-0573119, 0300-5526223
20858819
ECHS, D-18
ای ایچ ایس سوسائٹی ڈی 18 میں پلاٹ فروخت کے لیے
ای ایچ ایس سوسائٹی ڈی 18 میں پلاٹ فروخت کے لیے
ای ایچ ایس سوسائٹی ڈی 18 میں پلاٹ فروخت کے لیے
0334-5040705
20859235
فیصل ٹاؤن F-17, B-17
کارنر پلاٹ اور عام پلاٹ دستیاب ہیں
کارنر پلاٹ اور عام پلاٹ دستیاب ہیں
کارنر پلاٹ اور عام پلاٹ دستیاب ہیں
0332-5568436, 0316-5289720
20859218
DHA، بی DHA3 + بحریہ 8
ڈی ایچ اے اور بحریہ ٹاؤن میں پلاٹ برائے فروخت
ڈی ایچ اے اور بحریہ ٹاؤن میں پلاٹ برائے فروخت
ڈی ایچ اے اور بحریہ ٹاؤن میں پلاٹ برائے فروخت
0335-5199226
20859285
PECHS
PECHS
پی ای سی ایچ ایس میں پلاٹ برائے فروخت
پی ای سی ایچ ایس میں پلاٹ برائے فروخت
پی ای سی ایچ ایس میں پلاٹ برائے فروخت
0321-5221456, 0344-9208337
20859463
کرایہ خالی ہے
اسلام آباد
مکان کرایہ پر NGO سکول
آئی 8 میں مکان کرایہ پر دستیاب، این جی او یا سکول کے لیے موزوں
آئی 8 میں مکان کرایہ پر دستیاب، این جی او یا سکول کے لیے موزوں
آئی 8 میں مکان کرایہ پر دستیاب، این جی او یا سکول کے لیے موزوں
0332-5131725
20858539
فوری ٹاؤن، بحریہ ٹاؤن، پی ڈبلیو ڈی
فلیٹس اور مکانات کرایہ کے لیے دستیاب
فلیٹس اور مکانات کرایہ کے لیے دستیاب
فلیٹس اور مکانات کرایہ کے لیے دستیاب
0311-0510805, 0316-5912462
20858286
بزنس اپارٹیونٹیز
لاہور
آسان سرمایہ حاصل کریں
کاروبار کے لیے سرمایہ کاری کے مواقع
کاروبار کے لیے سرمایہ کاری کے مواقع
کاروبار کے لیے سرمایہ کاری کے مواقع
0309-9672597
30818031
ڈرائیونگ سکھیے
اسلام آباد
اقراء ڈرائیونگ سکول آٹو گاڑیاں
مرد و خواتین کے لیے ڈرائیونگ کی تربیت
مرد و خواتین کے لیے ڈرائیونگ کی تربیت
مرد و خواتین کے لیے ڈرائیونگ کی تربیت
0331-5577888, 051-2603399
20859304
اقراء ڈرائیونگ ٹریننگ سکول
لائسنس کے حصول میں مکمل رہنمائی
لائسنس کے حصول میں مکمل رہنمائی
لائسنس کے حصول میں مکمل رہنمائی
0331-5024433, 0333-0599265
20859034
احسن ڈرائیونگ سکول ڈسکاؤنٹ
خصوصی رعایت کے ساتھ ڈرائیونگ کورس
خصوصی رعایت کے ساتھ ڈرائیونگ کورس
خصوصی رعایت کے ساتھ ڈرائیونگ کورس
0345-8304321
20856236
ہیلتھ اینڈ فٹنس
اسلام آباد
صرف 7 دن میں کمزوری ختم
مکمل طبی معائنہ اور علاج
مکمل طبی معائنہ اور علاج
مکمل طبی معائنہ اور علاج
0333-5603210
20859138
